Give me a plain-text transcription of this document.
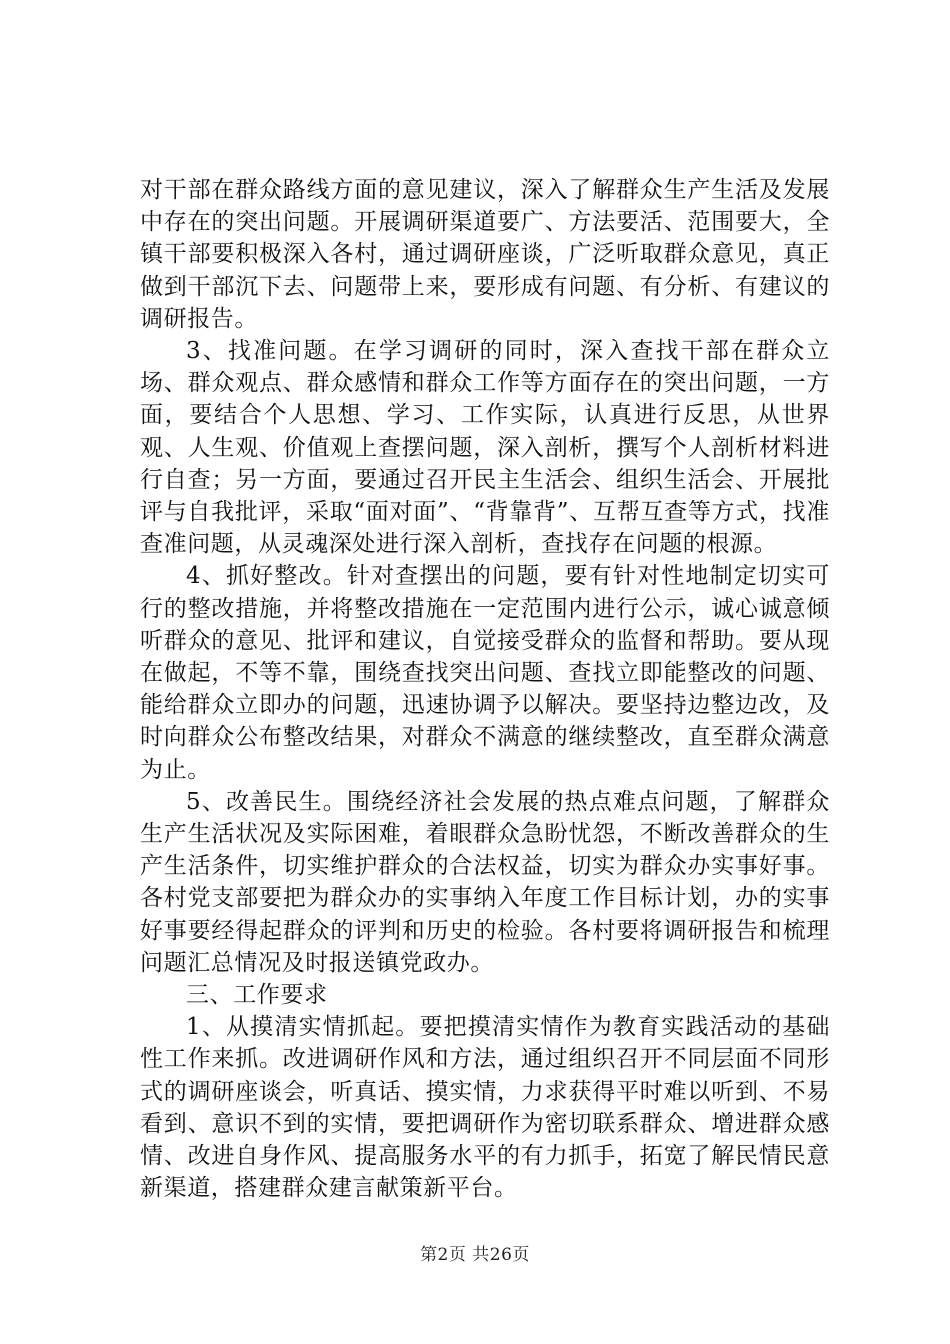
对干部在群众路线方面的意见建议，深入了解群众生产生活及发展中存在的突出问题。开展调研渠道要广、方法要活、范围要大，全镇干部要积极深入各村，通过调研座谈，广泛听取群众意见，真正做到干部沉下去、问题带上来，要形成有问题、有分析、有建议的调研报告。

3、找准问题。在学习调研的同时，深入查找干部在群众立场、群众观点、群众感情和群众工作等方面存在的突出问题，一方面，要结合个人思想、学习、工作实际，认真进行反思，从世界观、人生观、价值观上查摆问题，深入剖析，撰写个人剖析材料进行自查；另一方面，要通过召开民主生活会、组织生活会、开展批评与自我批评，采取“面对面”、“背靠背”、互帮互查等方式，找准查准问题，从灵魂深处进行深入剖析，查找存在问题的根源。

4、抓好整改。针对查摆出的问题，要有针对性地制定切实可行的整改措施，并将整改措施在一定范围内进行公示，诚心诚意倾听群众的意见、批评和建议，自觉接受群众的监督和帮助。要从现在做起，不等不靠，围绕查找突出问题、查找立即能整改的问题、能给群众立即办的问题，迅速协调予以解决。要坚持边整边改，及时向群众公布整改结果，对群众不满意的继续整改，直至群众满意为止。

5、改善民生。围绕经济社会发展的热点难点问题，了解群众生产生活状况及实际困难，着眼群众急盼忧怨，不断改善群众的生产生活条件，切实维护群众的合法权益，切实为群众办实事好事。各村党支部要把为群众办的实事纳入年度工作目标计划，办的实事好事要经得起群众的评判和历史的检验。各村要将调研报告和梳理问题汇总情况及时报送镇党政办。

三、工作要求

1、从摸清实情抓起。要把摸清实情作为教育实践活动的基础性工作来抓。改进调研作风和方法，通过组织召开不同层面不同形式的调研座谈会，听真话、摸实情，力求获得平时难以听到、不易看到、意识不到的实情，要把调研作为密切联系群众、增进群众感情、改进自身作风、提高服务水平的有力抓手，拓宽了解民情民意新渠道，搭建群众建言献策新平台。

第2页 共26页
